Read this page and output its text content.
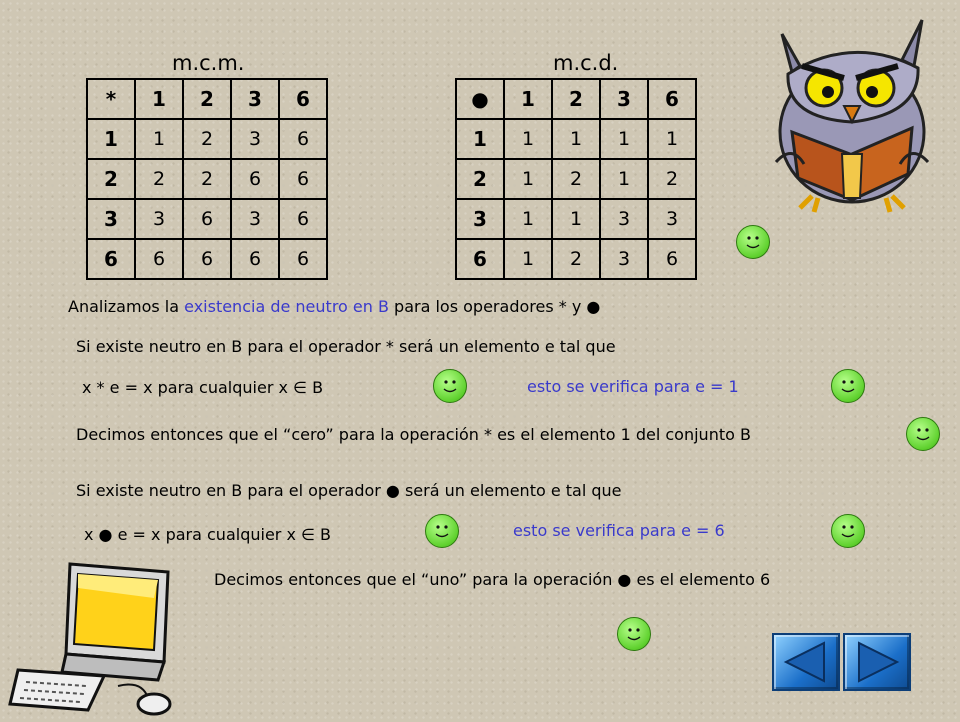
m.c.m.	m.c.d.
*	1	2	3	6
1	1	2	3	6
2	2	2	6	6
3	3	6	3	6
6	6	6	6	6
●	1	2	3	6
1	1	1	1	1
2	1	2	1	2
3	1	1	3	3
6	1	2	3	6
Analizamos la existencia de neutro en B para los operadores * y ●
Si existe neutro en B para el operador * será un elemento e tal que
x * e = x para cualquier x ∈ B	esto se verifica para e = 1
Decimos entonces que el “cero” para la operación * es el elemento 1 del conjunto B
Si existe neutro en B para el operador ● será un elemento e tal que
x ● e = x para cualquier x ∈ B	esto se verifica para e = 6
Decimos entonces que el “uno” para la operación ● es el elemento 6
